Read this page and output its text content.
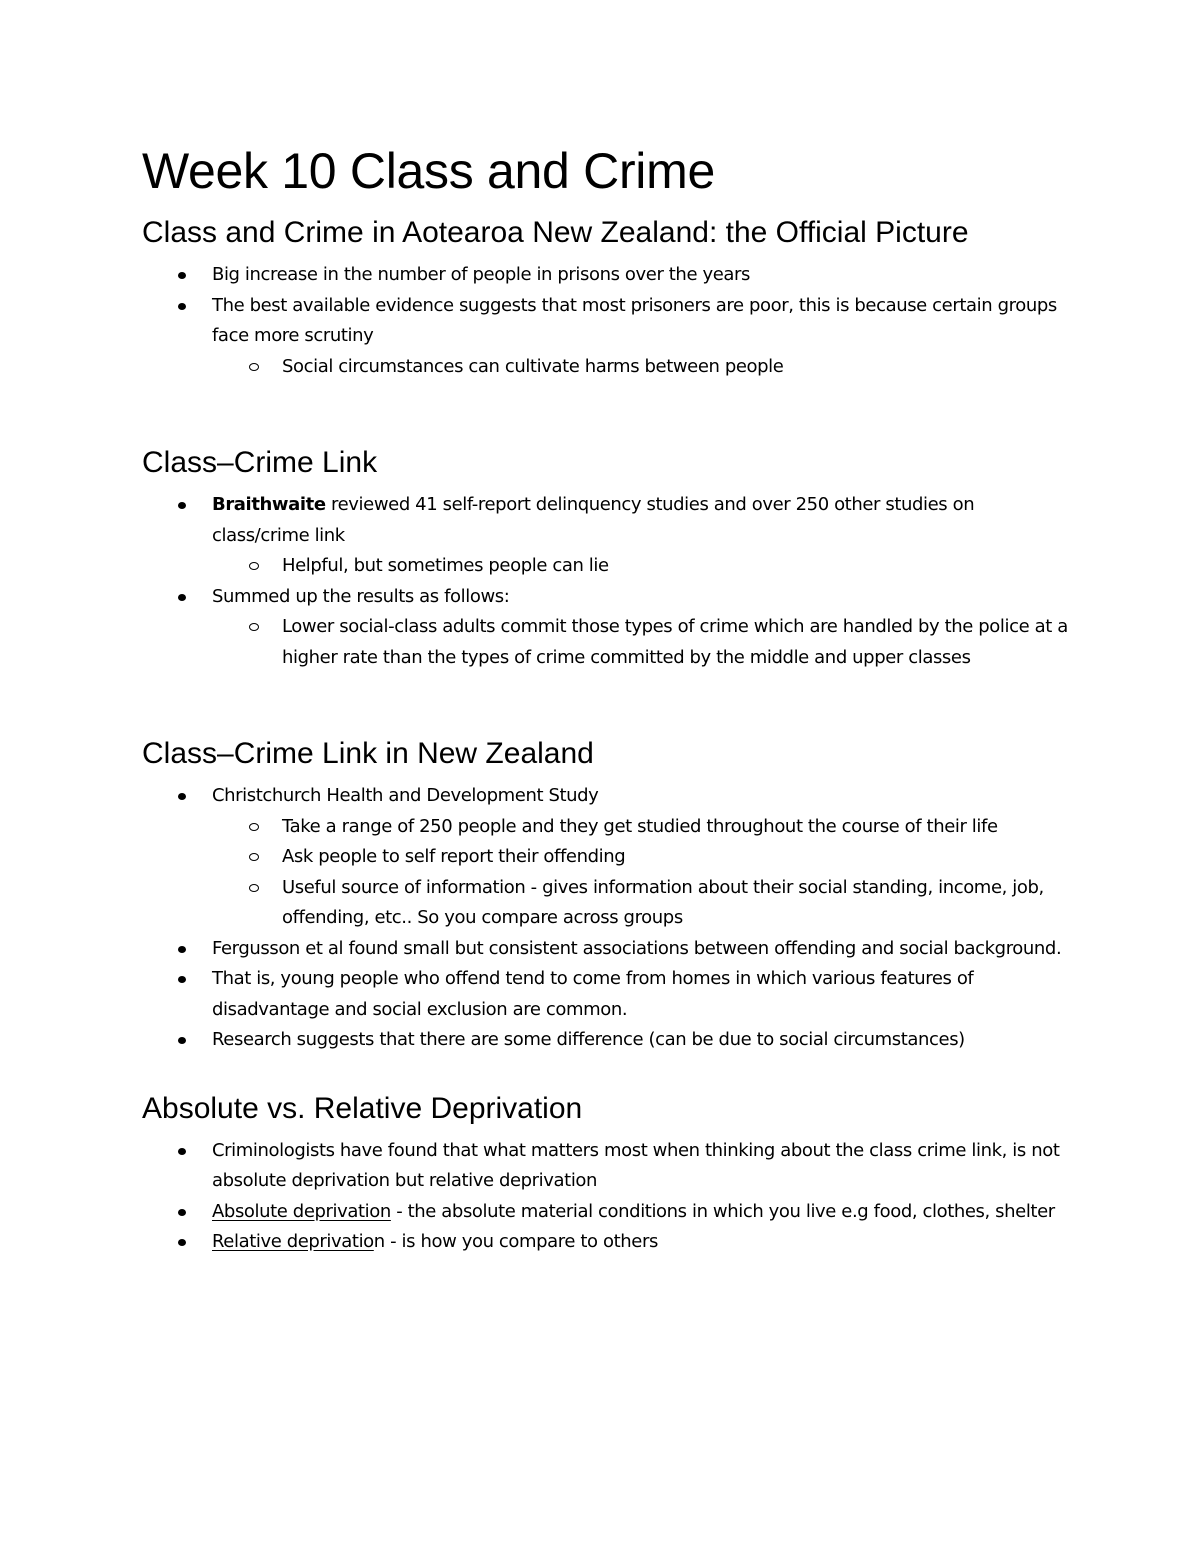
Week 10 Class and Crime
Class and Crime in Aotearoa New Zealand: the Official Picture
Big increase in the number of people in prisons over the years
The best available evidence suggests that most prisoners are poor, this is because certain groups face more scrutiny
Social circumstances can cultivate harms between people
Class–Crime Link
Braithwaite reviewed 41 self-report delinquency studies and over 250 other studies on class/crime link
Helpful, but sometimes people can lie
Summed up the results as follows:
Lower social-class adults commit those types of crime which are handled by the police at a higher rate than the types of crime committed by the middle and upper classes
Class–Crime Link in New Zealand
Christchurch Health and Development Study
Take a range of 250 people and they get studied throughout the course of their life
Ask people to self report their offending
Useful source of information - gives information about their social standing, income, job, offending, etc.. So you compare across groups
Fergusson et al found small but consistent associations between offending and social background.
That is, young people who offend tend to come from homes in which various features of disadvantage and social exclusion are common.
Research suggests that there are some difference (can be due to social circumstances)
Absolute vs. Relative Deprivation
Criminologists have found that what matters most when thinking about the class crime link, is not absolute deprivation but relative deprivation
Absolute deprivation - the absolute material conditions in which you live e.g food, clothes, shelter
Relative deprivation - is how you compare to others
